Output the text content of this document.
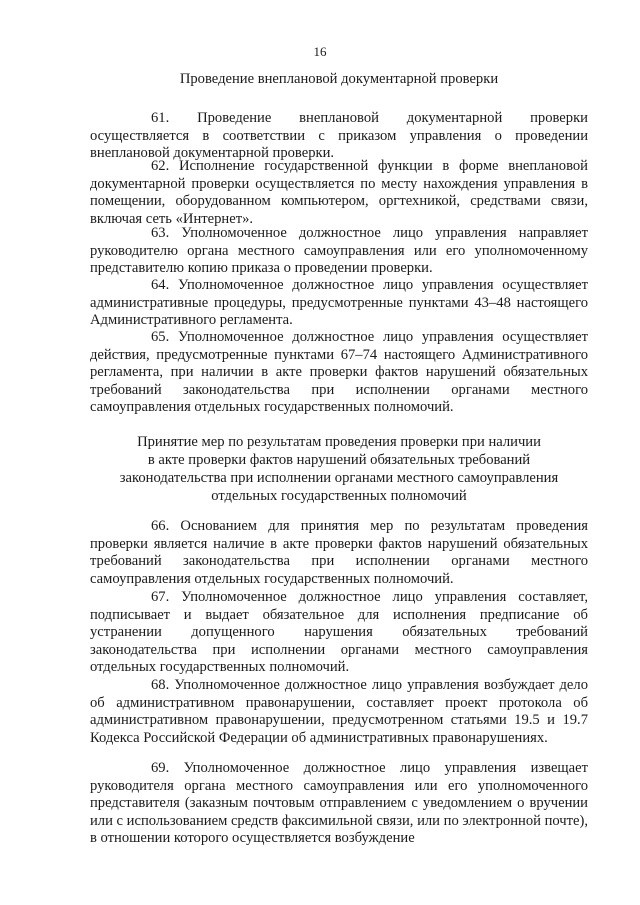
16
Проведение внеплановой документарной проверки

61. Проведение внеплановой документарной проверки осуществляется в соответствии с приказом управления о проведении внеплановой документарной проверки.

62. Исполнение государственной функции в форме внеплановой документарной проверки осуществляется по месту нахождения управления в помещении, оборудованном компьютером, оргтехникой, средствами связи, включая сеть «Интернет».

63. Уполномоченное должностное лицо управления направляет руководителю органа местного самоуправления или его уполномоченному представителю копию приказа о проведении проверки.

64. Уполномоченное должностное лицо управления осуществляет административные процедуры, предусмотренные пунктами 43–48 настоящего Административного регламента.

65. Уполномоченное должностное лицо управления осуществляет действия, предусмотренные пунктами 67–74 настоящего Административного регламента, при наличии в акте проверки фактов нарушений обязательных требований законодательства при исполнении органами местного самоуправления отдельных государственных полномочий.

Принятие мер по результатам проведения проверки при наличии
в акте проверки фактов нарушений обязательных требований
законодательства при исполнении органами местного самоуправления
отдельных государственных полномочий

66. Основанием для принятия мер по результатам проведения проверки является наличие в акте проверки фактов нарушений обязательных требований законодательства при исполнении органами местного самоуправления отдельных государственных полномочий.

67. Уполномоченное должностное лицо управления составляет, подписывает и выдает обязательное для исполнения предписание об устранении допущенного нарушения обязательных требований законодательства при исполнении органами местного самоуправления отдельных государственных полномочий.

68. Уполномоченное должностное лицо управления возбуждает дело об административном правонарушении, составляет проект протокола об административном правонарушении, предусмотренном статьями 19.5 и 19.7 Кодекса Российской Федерации об административных правонарушениях.

69. Уполномоченное должностное лицо управления извещает руководителя органа местного самоуправления или его уполномоченного представителя (заказным почтовым отправлением с уведомлением о вручении или с использованием средств факсимильной связи, или по электронной почте), в отношении которого осуществляется возбуждение
